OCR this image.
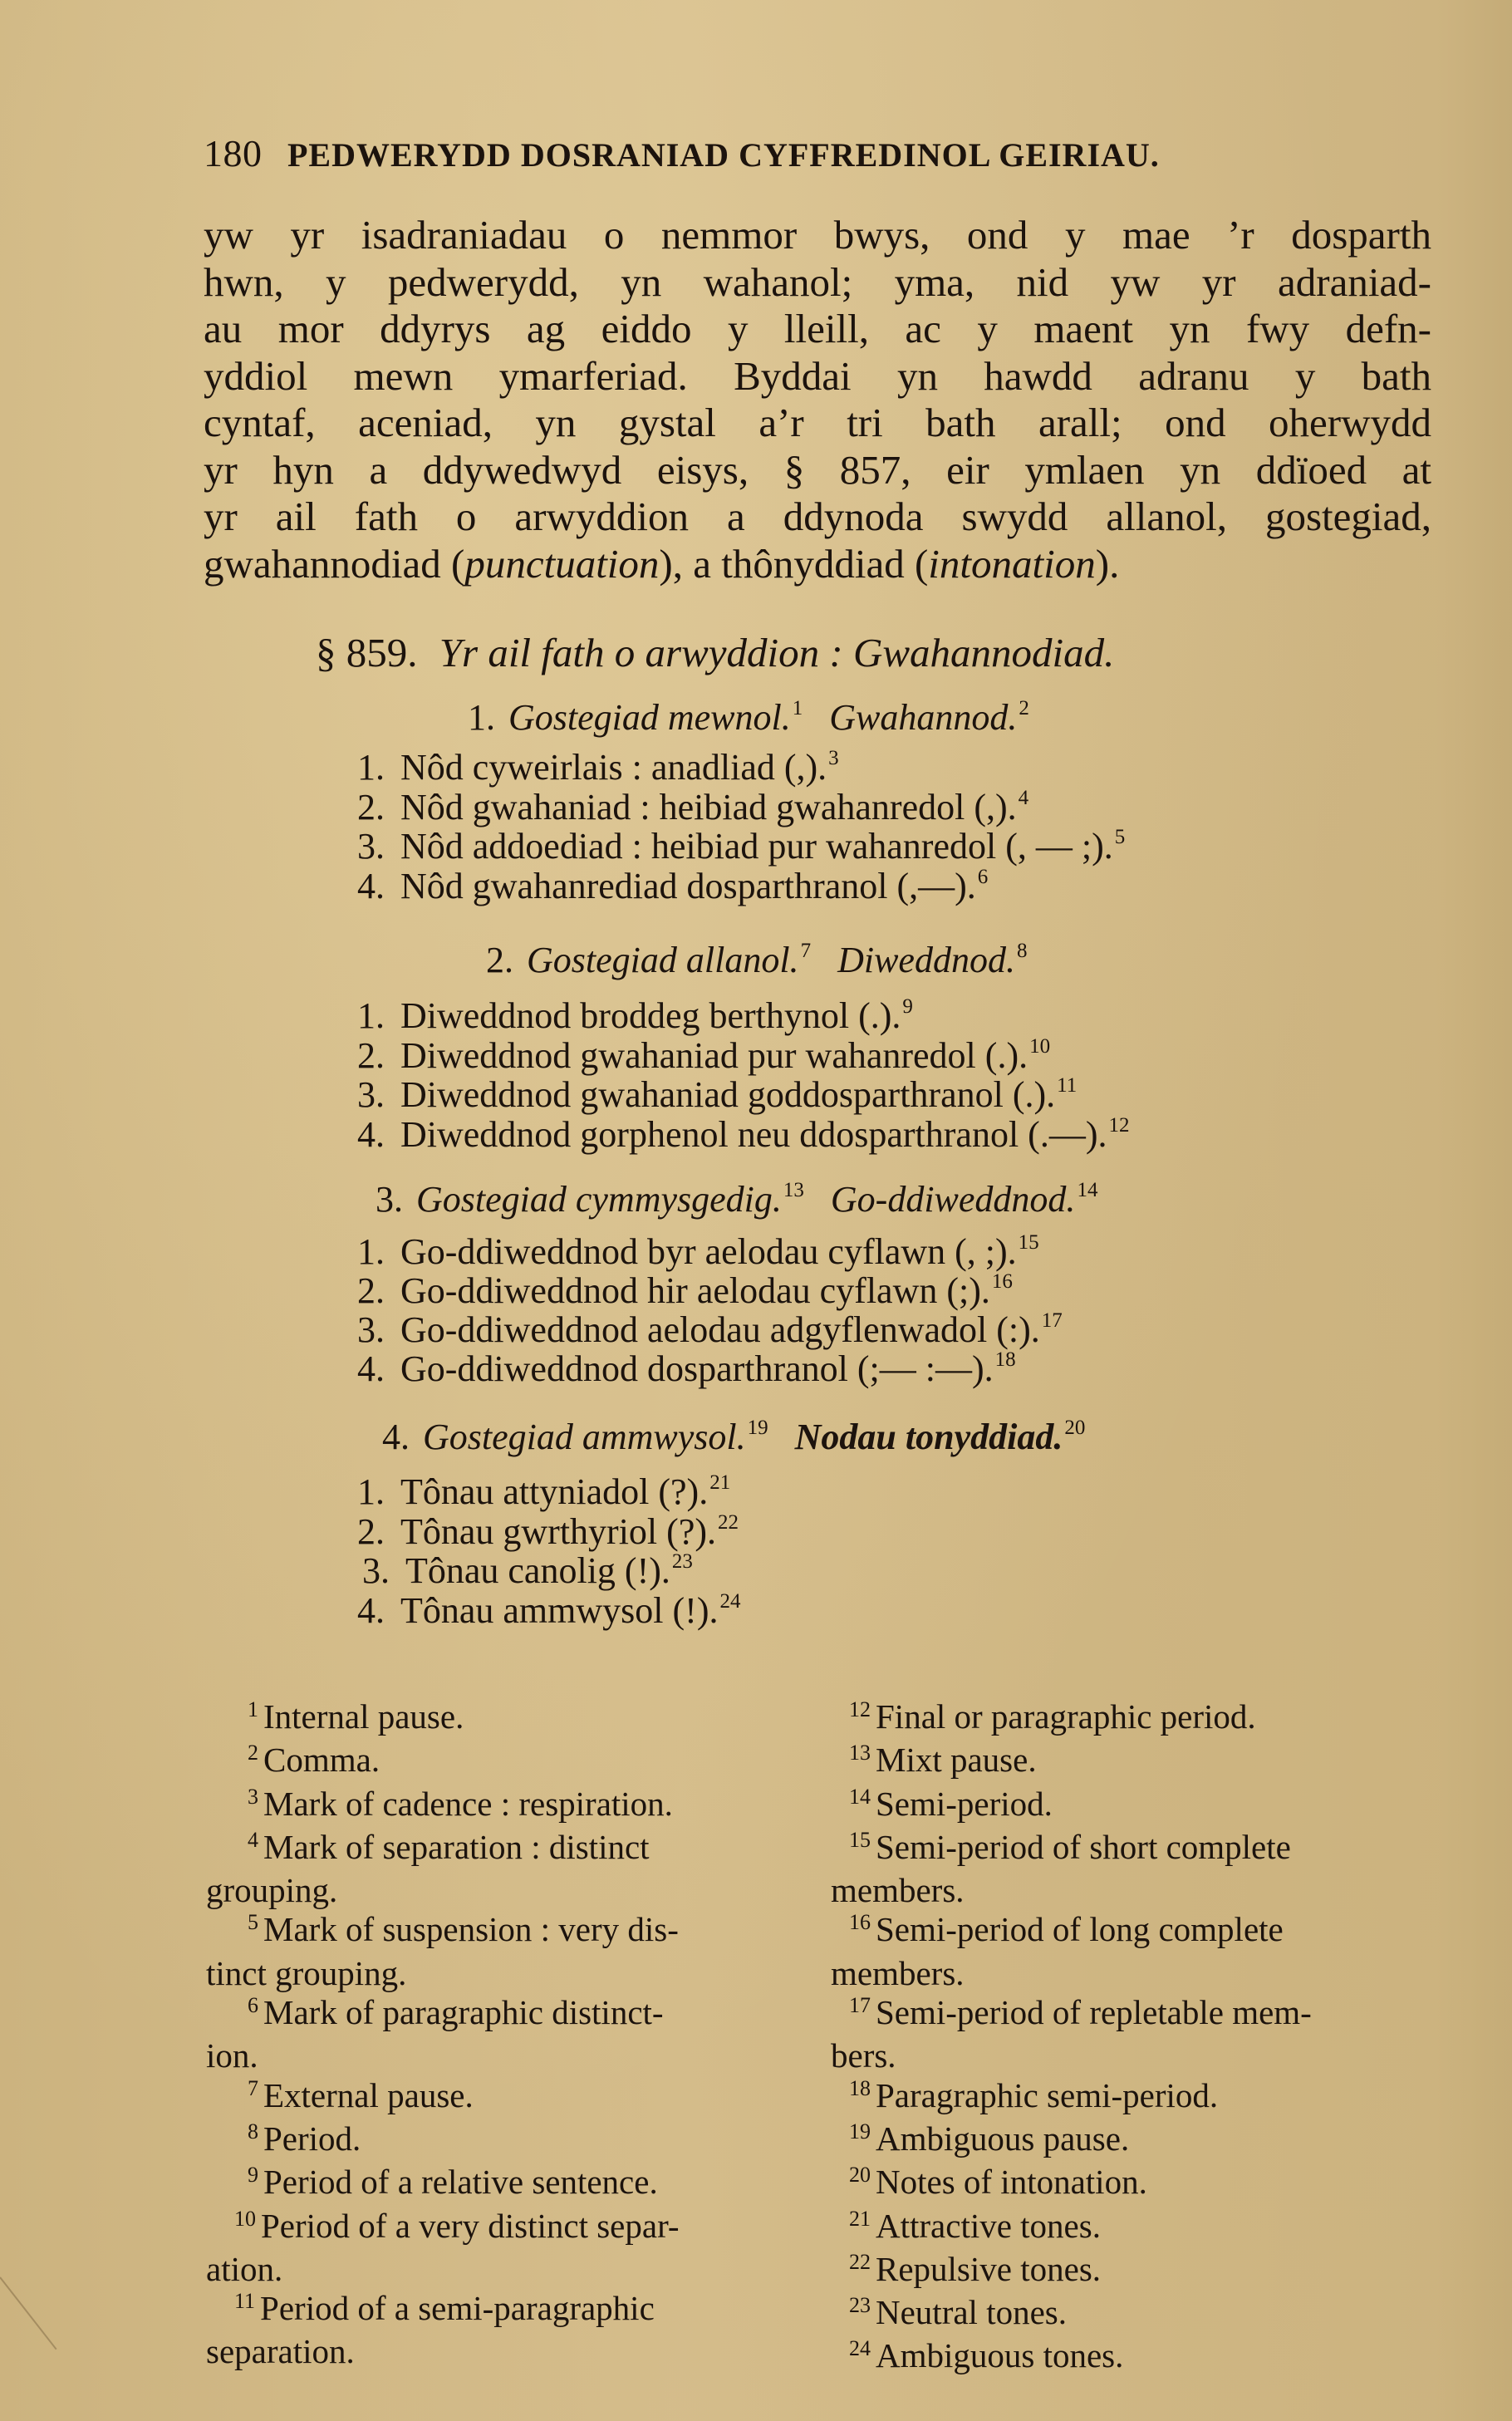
180 PEDWERYDD DOSRANIAD CYFFREDINOL GEIRIAU.
yw yr isadraniadau o nemmor bwys, ond y mae ’r dosparth
hwn, y pedwerydd, yn wahanol; yma, nid yw yr adraniad-
au mor ddyrys ag eiddo y lleill, ac y maent yn fwy defn-
yddiol mewn ymarferiad. Byddai yn hawdd adranu y bath
cyntaf, aceniad, yn gystal a’r tri bath arall; ond oherwydd
yr hyn a ddywedwyd eisys, § 857, eir ymlaen yn ddïoed at
yr ail fath o arwyddion a ddynoda swydd allanol, gostegiad,
gwahannodiad (punctuation), a thônyddiad (intonation).
§ 859. Yr ail fath o arwyddion : Gwahannodiad.
1. Gostegiad mewnol.$^1$ Gwahannod.$^2$
1. Nôd cyweirlais : anadliad (,).$^3$
2. Nôd gwahaniad : heibiad gwahanredol (,).$^4$
3. Nôd addoediad : heibiad pur wahanredol (, — ;).$^5$
4. Nôd gwahanrediad dosparthranol (,—).$^6$
2. Gostegiad allanol.$^7$ Diweddnod.$^8$
1. Diweddnod broddeg berthynol (.).$^9$
2. Diweddnod gwahaniad pur wahanredol (.).$^{10}$
3. Diweddnod gwahaniad goddosparthranol (.).$^{11}$
4. Diweddnod gorphenol neu ddosparthranol (.—).$^{12}$
3. Gostegiad cymmysgedig.$^{13}$ Go-ddiweddnod.$^{14}$
1. Go-ddiweddnod byr aelodau cyflawn (, ;).$^{15}$
2. Go-ddiweddnod hir aelodau cyflawn (;).$^{16}$
3. Go-ddiweddnod aelodau adgyflenwadol (:).$^{17}$
4. Go-ddiweddnod dosparthranol (;— :—).$^{18}$
4. Gostegiad ammwysol.$^{19}$ Nodau tonyddiad.$^{20}$
1. Tônau attyniadol (?).$^{21}$
2. Tônau gwrthyriol (?).$^{22}$
3. Tônau canolig (!).$^{23}$
4. Tônau ammwysol (!).$^{24}$
$^1$ Internal pause.
$^2$ Comma.
$^3$ Mark of cadence : respiration.
$^4$ Mark of separation : distinct
grouping.
$^5$ Mark of suspension : very dis-
tinct grouping.
$^6$ Mark of paragraphic distinct-
ion.
$^7$ External pause.
$^8$ Period.
$^9$ Period of a relative sentence.
$^{10}$ Period of a very distinct separ-
ation.
$^{11}$ Period of a semi-paragraphic
separation.
$^{12}$ Final or paragraphic period.
$^{13}$ Mixt pause.
$^{14}$ Semi-period.
$^{15}$ Semi-period of short complete
members.
$^{16}$ Semi-period of long complete
members.
$^{17}$ Semi-period of repletable mem-
bers.
$^{18}$ Paragraphic semi-period.
$^{19}$ Ambiguous pause.
$^{20}$ Notes of intonation.
$^{21}$ Attractive tones.
$^{22}$ Repulsive tones.
$^{23}$ Neutral tones.
$^{24}$ Ambiguous tones.
